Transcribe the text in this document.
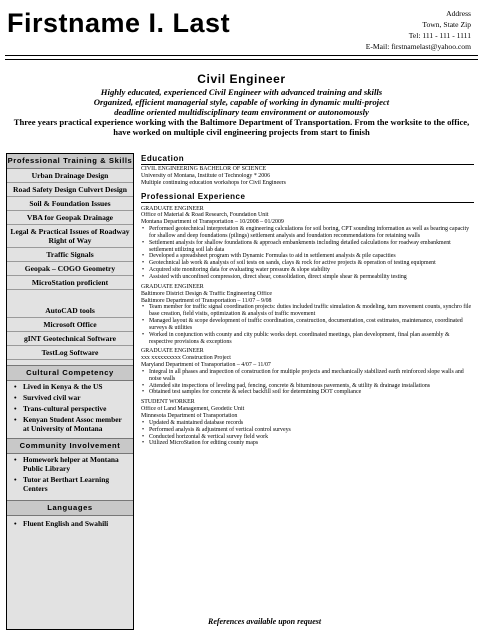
Firstname I. Last	Address
Town, State Zip
Tel: 111 - 111 - 1111
E-Mail: firstnamelast@yahoo.com
Civil Engineer

Highly educated, experienced Civil Engineer with advanced training and skills

Organized, efficient managerial style, capable of working in dynamic multi-project

deadline oriented multidisciplinary team environment or autonomously

Three years practical experience working with the Baltimore Department of Transportation. From the worksite to the office, have worked on multiple civil engineering projects from start to finish

Professional Training & Skills
Urban Drainage Design
Road Safety Design Culvert Design
Soil & Foundation Issues
VBA for Geopak Drainage
Legal & Practical Issues of Roadway Right of Way
Traffic Signals
Geopak – COGO Geometry
MicroStation proficient
AutoCAD tools
Microsoft Office
gINT Geotechnical Software
TestLog Software
Cultural Competency
• Lived in Kenya & the US
• Survived civil war
• Trans-cultural perspective
• Kenyan Student Assoc member at University of Montana
Community Involvement
• Homework helper at Montana Public Library
• Tutor at Berthart Learning Centers
Languages
• Fluent English and Swahili
Education
CIVIL ENGINEERING BACHELOR OF SCIENCE
University of Montana, Institute of Technology * 2006
Multiple continuing education workshops for Civil Engineers
Professional Experience
GRADUATE ENGINEER
Office of Material & Road Research, Foundation Unit
Montana Department of Transportation – 10/2008 – 01/2009
• Performed geotechnical interpretation & engineering calculations for soil boring, CPT sounding information as well as bearing capacity for shallow and deep foundations (pilings) settlement analysis and foundation recommendations for retaining walls
• Settlement analysis for shallow foundations & approach embankments including detailed calculations for roadway embankment settlement utilizing soil lab data
• Developed a spreadsheet program with Dynamic Formulas to aid in settlement analysis & pile capacities
• Geotechnical lab work & analysis of soil tests on sands, clays & rock for active projects & operation of testing equipment
• Acquired site monitoring data for evaluating water pressure & slope stability
• Assisted with unconfined compression, direct shear, consolidation, direct simple shear & permeability testing
GRADUATE ENGINEER
Baltimore District Design & Traffic Engineering Office
Baltimore Department of Transportation – 11/07 – 9/08
• Team member for traffic signal coordination projects: duties included traffic simulation & modeling, turn movement counts, synchro file base creation, field visits, optimization & analysis of traffic movement
• Managed layout & scope development of traffic coordination, construction, documentation, cost estimates, maintenance, coordinated surveys & utilities
• Worked in conjunction with county and city public works dept. coordinated meetings, plan development, final plan assembly & respective provisions & exceptions
GRADUATE ENGINEER
xxx xxxxxxxxxx Construction Project
Maryland Department of Transportation – 4/07 – 11/07
• Integral in all phases and inspection of construction for multiple projects and mechanically stabilized earth reinforced slope walls and noise walls
• Attended site inspections of leveling pad, fencing, concrete & bituminous pavements, & utility & drainage installations
• Obtained test samples for concrete & select backfill soil for determining DOT compliance
STUDENT WORKER
Office of Land Management, Geodetic Unit
Minnesota Department of Transportation
• Updated & maintained database records
• Performed analysis & adjustment of vertical control surveys
• Conducted horizontal & vertical survey field work
• Utilized MicroStation for editing county maps
References available upon request
